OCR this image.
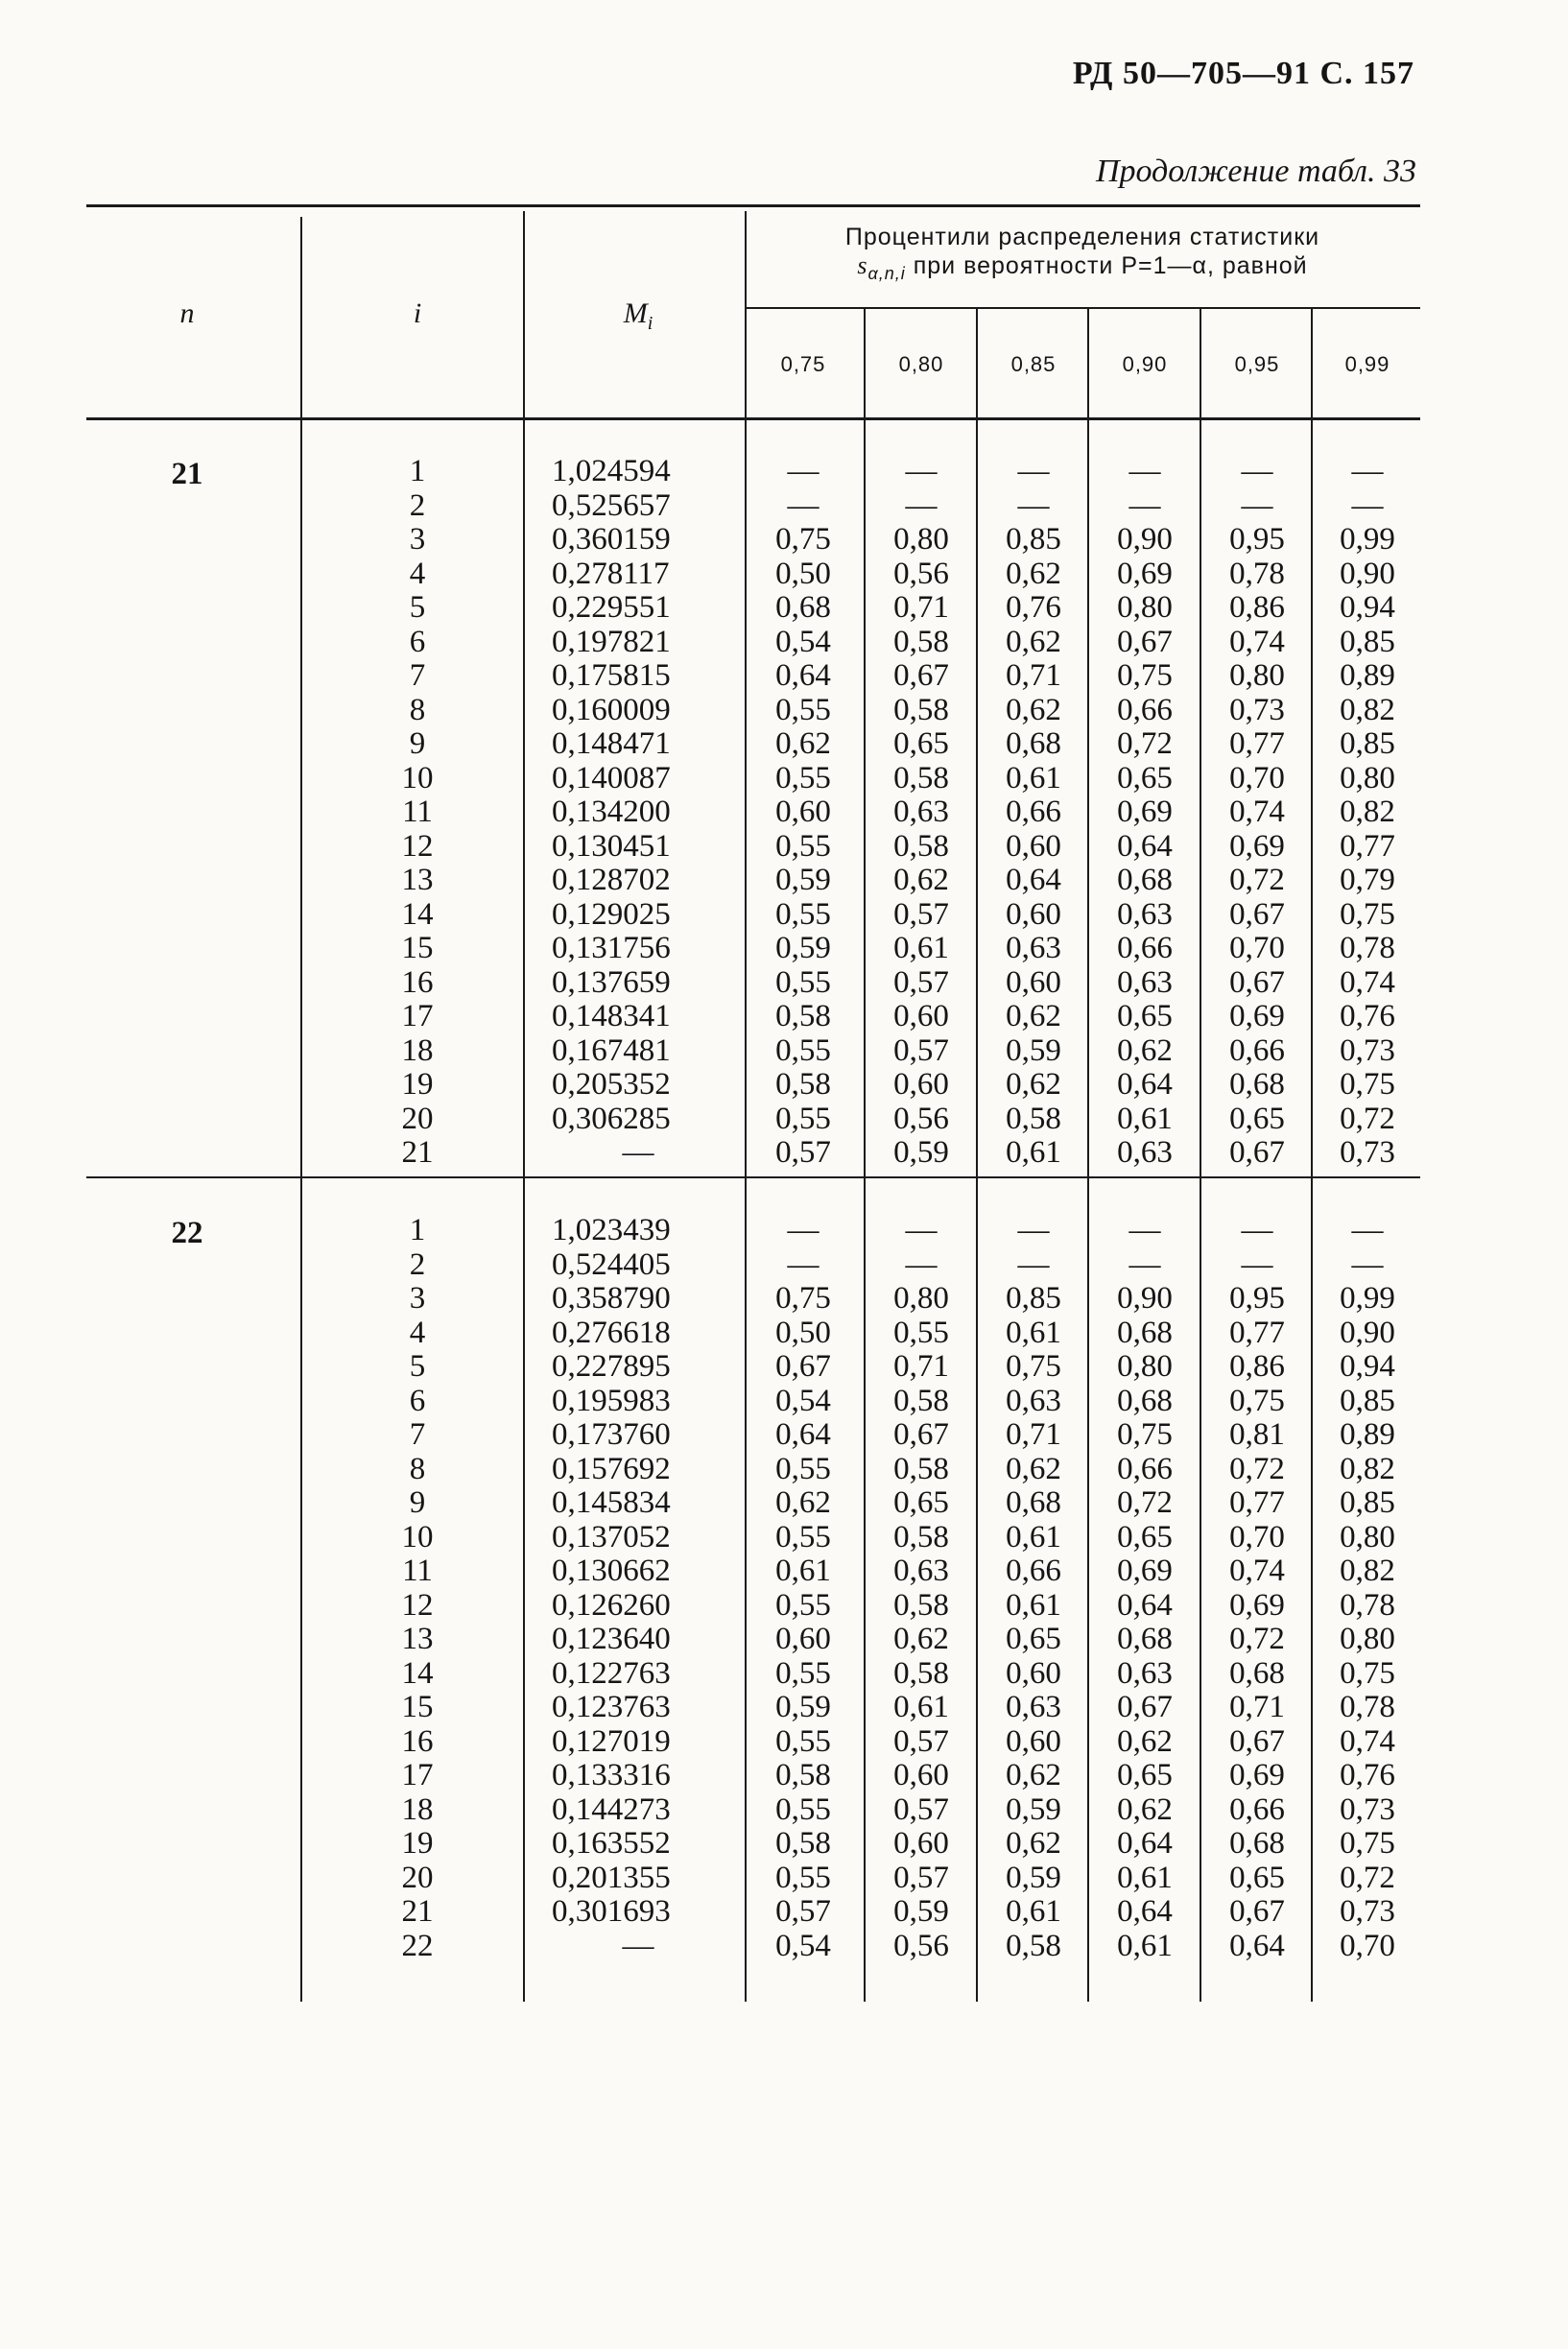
РД 50—705—91 С. 157
Продолжение табл. 33
n	i	$M_i$
Процентили распределения статистики
$s_{\alpha,n,i}$ при вероятности P=1—α, равной
0,75	0,80	0,85	0,90	0,95	0,99
21	1	1,024594	—	—	—	—	—	—
2	0,525657	—	—	—	—	—	—
3	0,360159	0,75	0,80	0,85	0,90	0,95	0,99
4	0,278117	0,50	0,56	0,62	0,69	0,78	0,90
5	0,229551	0,68	0,71	0,76	0,80	0,86	0,94
6	0,197821	0,54	0,58	0,62	0,67	0,74	0,85
7	0,175815	0,64	0,67	0,71	0,75	0,80	0,89
8	0,160009	0,55	0,58	0,62	0,66	0,73	0,82
9	0,148471	0,62	0,65	0,68	0,72	0,77	0,85
10	0,140087	0,55	0,58	0,61	0,65	0,70	0,80
11	0,134200	0,60	0,63	0,66	0,69	0,74	0,82
12	0,130451	0,55	0,58	0,60	0,64	0,69	0,77
13	0,128702	0,59	0,62	0,64	0,68	0,72	0,79
14	0,129025	0,55	0,57	0,60	0,63	0,67	0,75
15	0,131756	0,59	0,61	0,63	0,66	0,70	0,78
16	0,137659	0,55	0,57	0,60	0,63	0,67	0,74
17	0,148341	0,58	0,60	0,62	0,65	0,69	0,76
18	0,167481	0,55	0,57	0,59	0,62	0,66	0,73
19	0,205352	0,58	0,60	0,62	0,64	0,68	0,75
20	0,306285	0,55	0,56	0,58	0,61	0,65	0,72
21	—	0,57	0,59	0,61	0,63	0,67	0,73
22	1	1,023439	—	—	—	—	—	—
2	0,524405	—	—	—	—	—	—
3	0,358790	0,75	0,80	0,85	0,90	0,95	0,99
4	0,276618	0,50	0,55	0,61	0,68	0,77	0,90
5	0,227895	0,67	0,71	0,75	0,80	0,86	0,94
6	0,195983	0,54	0,58	0,63	0,68	0,75	0,85
7	0,173760	0,64	0,67	0,71	0,75	0,81	0,89
8	0,157692	0,55	0,58	0,62	0,66	0,72	0,82
9	0,145834	0,62	0,65	0,68	0,72	0,77	0,85
10	0,137052	0,55	0,58	0,61	0,65	0,70	0,80
11	0,130662	0,61	0,63	0,66	0,69	0,74	0,82
12	0,126260	0,55	0,58	0,61	0,64	0,69	0,78
13	0,123640	0,60	0,62	0,65	0,68	0,72	0,80
14	0,122763	0,55	0,58	0,60	0,63	0,68	0,75
15	0,123763	0,59	0,61	0,63	0,67	0,71	0,78
16	0,127019	0,55	0,57	0,60	0,62	0,67	0,74
17	0,133316	0,58	0,60	0,62	0,65	0,69	0,76
18	0,144273	0,55	0,57	0,59	0,62	0,66	0,73
19	0,163552	0,58	0,60	0,62	0,64	0,68	0,75
20	0,201355	0,55	0,57	0,59	0,61	0,65	0,72
21	0,301693	0,57	0,59	0,61	0,64	0,67	0,73
22	—	0,54	0,56	0,58	0,61	0,64	0,70
